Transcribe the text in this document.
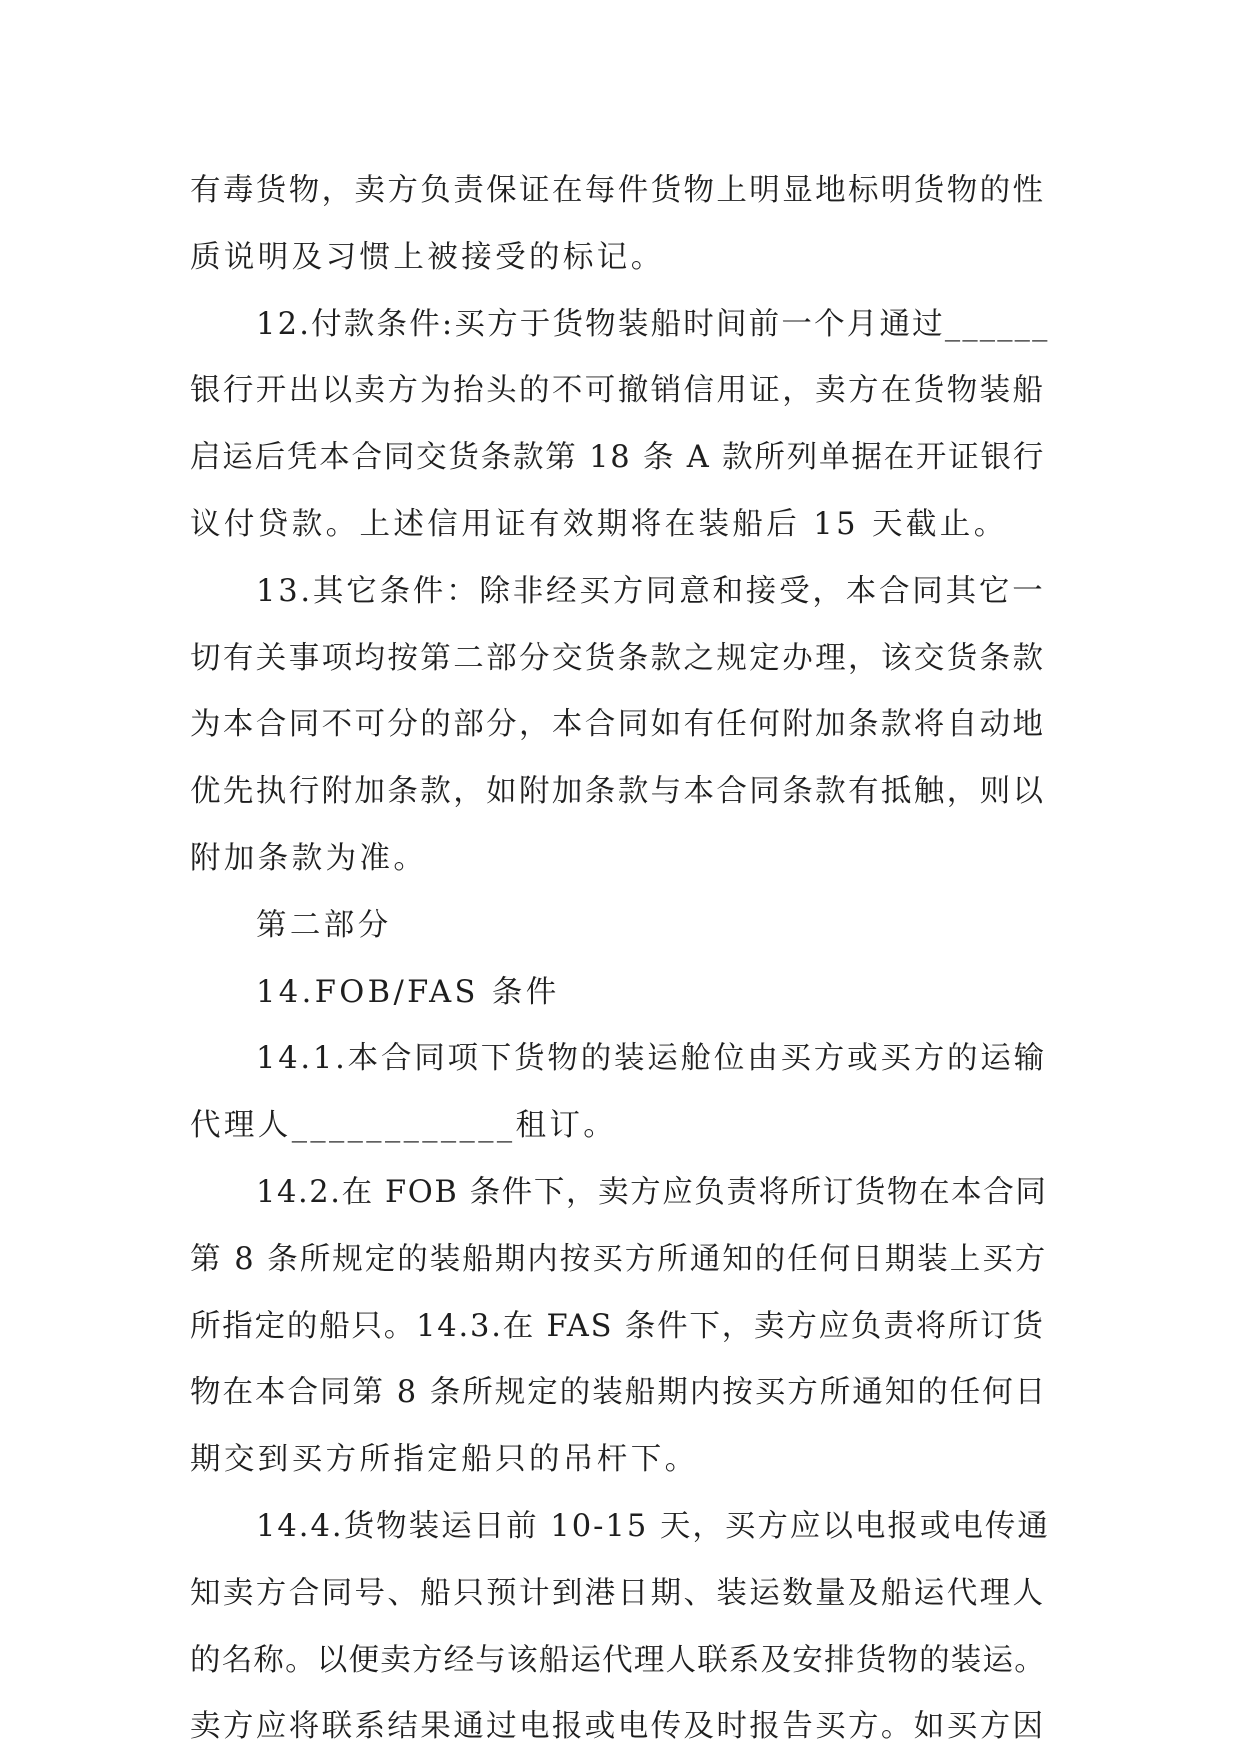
有毒货物，卖方负责保证在每件货物上明显地标明货物的性

质说明及习惯上被接受的标记。

12.付款条件:买方于货物装船时间前一个月通过______

银行开出以卖方为抬头的不可撤销信用证，卖方在货物装船

启运后凭本合同交货条款第 18 条 A 款所列单据在开证银行

议付贷款。上述信用证有效期将在装船后 15 天截止。

13.其它条件：除非经买方同意和接受，本合同其它一

切有关事项均按第二部分交货条款之规定办理，该交货条款

为本合同不可分的部分，本合同如有任何附加条款将自动地

优先执行附加条款，如附加条款与本合同条款有抵触，则以

附加条款为准。

第二部分

14.FOB/FAS 条件

14.1.本合同项下货物的装运舱位由买方或买方的运输

代理人____________租订。

14.2.在 FOB 条件下，卖方应负责将所订货物在本合同

第 8 条所规定的装船期内按买方所通知的任何日期装上买方

所指定的船只。14.3.在 FAS 条件下，卖方应负责将所订货

物在本合同第 8 条所规定的装船期内按买方所通知的任何日

期交到买方所指定船只的吊杆下。

14.4.货物装运日前 10-15 天，买方应以电报或电传通

知卖方合同号、船只预计到港日期、装运数量及船运代理人

的名称。以便卖方经与该船运代理人联系及安排货物的装运。

卖方应将联系结果通过电报或电传及时报告买方。如买方因
